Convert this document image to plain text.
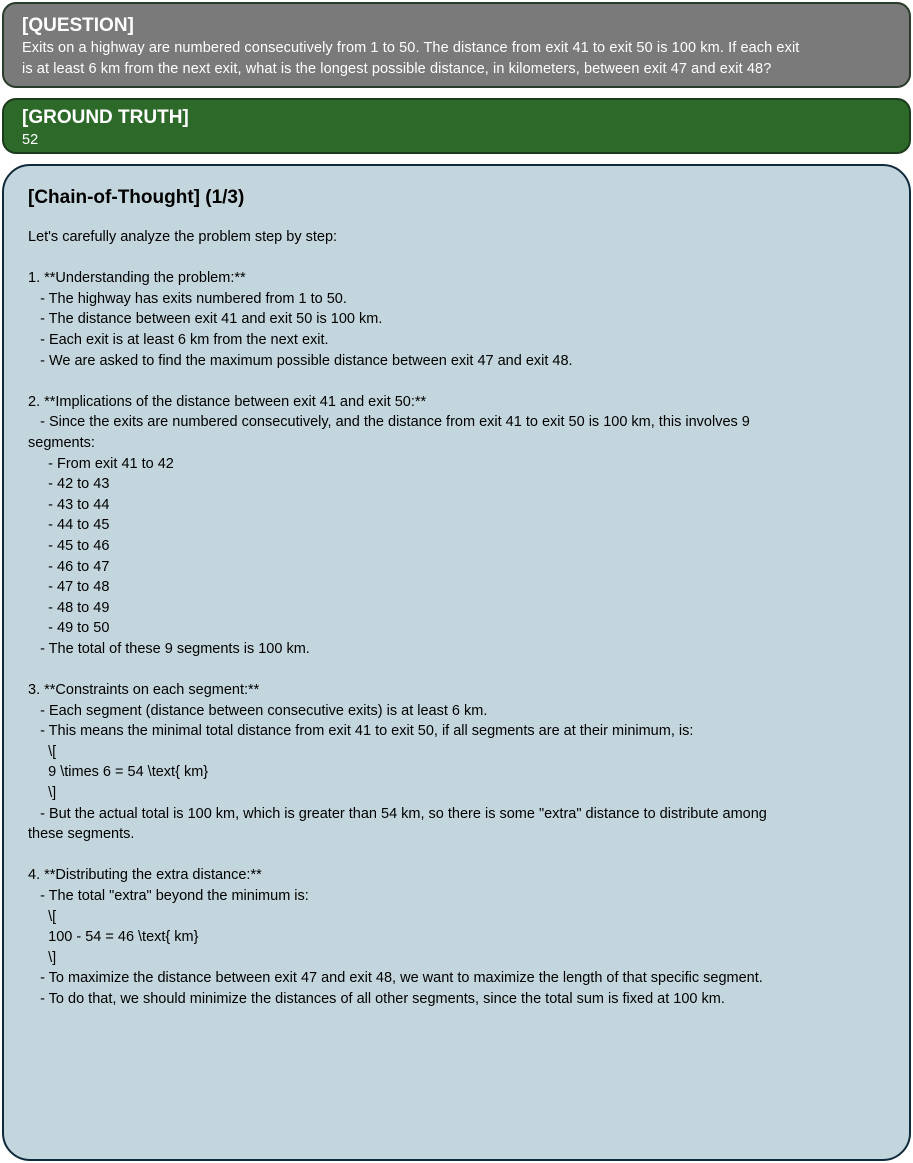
[QUESTION]
Exits on a highway are numbered consecutively from 1 to 50. The distance from exit 41 to exit 50 is 100 km. If each exit
is at least 6 km from the next exit, what is the longest possible distance, in kilometers, between exit 47 and exit 48?
[GROUND TRUTH]
52
[Chain-of-Thought] (1/3)
Let's carefully analyze the problem step by step:
1. **Understanding the problem:**
- The highway has exits numbered from 1 to 50.
- The distance between exit 41 and exit 50 is 100 km.
- Each exit is at least 6 km from the next exit.
- We are asked to find the maximum possible distance between exit 47 and exit 48.
2. **Implications of the distance between exit 41 and exit 50:**
- Since the exits are numbered consecutively, and the distance from exit 41 to exit 50 is 100 km, this involves 9
segments:
- From exit 41 to 42
- 42 to 43
- 43 to 44
- 44 to 45
- 45 to 46
- 46 to 47
- 47 to 48
- 48 to 49
- 49 to 50
- The total of these 9 segments is 100 km.
3. **Constraints on each segment:**
- Each segment (distance between consecutive exits) is at least 6 km.
- This means the minimal total distance from exit 41 to exit 50, if all segments are at their minimum, is:
\[
9 \times 6 = 54 \text{ km}
\]
- But the actual total is 100 km, which is greater than 54 km, so there is some "extra" distance to distribute among
these segments.
4. **Distributing the extra distance:**
- The total "extra" beyond the minimum is:
\[
100 - 54 = 46 \text{ km}
\]
- To maximize the distance between exit 47 and exit 48, we want to maximize the length of that specific segment.
- To do that, we should minimize the distances of all other segments, since the total sum is fixed at 100 km.
